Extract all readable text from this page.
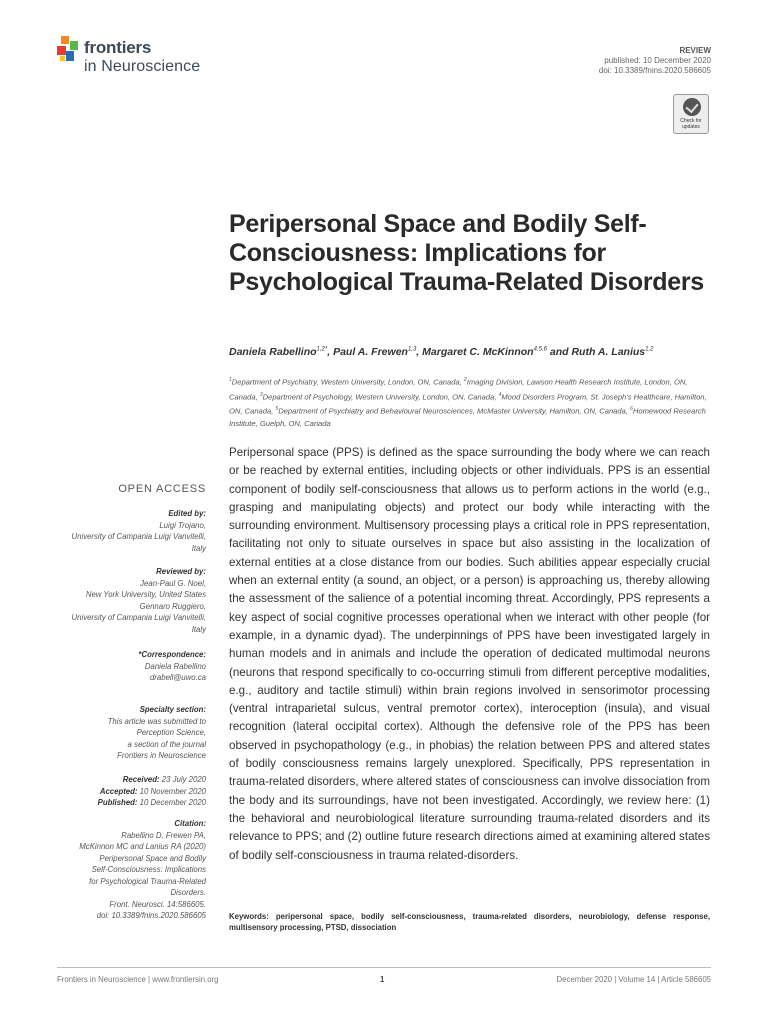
frontiers
in Neuroscience
REVIEW
published: 10 December 2020
doi: 10.3389/fnins.2020.586605
Check for
updates
Peripersonal Space and Bodily Self-Consciousness: Implications for Psychological Trauma-Related Disorders
Daniela Rabellino$^{1,2*}$, Paul A. Frewen$^{1,3}$, Margaret C. McKinnon$^{4,5,6}$ and Ruth A. Lanius$^{1,2}$
$^1$Department of Psychiatry, Western University, London, ON, Canada, $^2$Imaging Division, Lawson Health Research Institute, London, ON, Canada, $^3$Department of Psychology, Western University, London, ON, Canada, $^4$Mood Disorders Program, St. Joseph's Healthcare, Hamilton, ON, Canada, $^5$Department of Psychiatry and Behavioural Neurosciences, McMaster University, Hamilton, ON, Canada, $^6$Homewood Research Institute, Guelph, ON, Canada

Peripersonal space (PPS) is defined as the space surrounding the body where we can reach or be reached by external entities, including objects or other individuals. PPS is an essential component of bodily self-consciousness that allows us to perform actions in the world (e.g., grasping and manipulating objects) and protect our body while interacting with the surrounding environment. Multisensory processing plays a critical role in PPS representation, facilitating not only to situate ourselves in space but also assisting in the localization of external entities at a close distance from our bodies. Such abilities appear especially crucial when an external entity (a sound, an object, or a person) is approaching us, thereby allowing the assessment of the salience of a potential incoming threat. Accordingly, PPS represents a key aspect of social cognitive processes operational when we interact with other people (for example, in a dynamic dyad). The underpinnings of PPS have been investigated largely in human models and in animals and include the operation of dedicated multimodal neurons (neurons that respond specifically to co-occurring stimuli from different perceptive modalities, e.g., auditory and tactile stimuli) within brain regions involved in sensorimotor processing (ventral intraparietal sulcus, ventral premotor cortex), interoception (insula), and visual recognition (lateral occipital cortex). Although the defensive role of the PPS has been observed in psychopathology (e.g., in phobias) the relation between PPS and altered states of bodily consciousness remains largely unexplored. Specifically, PPS representation in trauma-related disorders, where altered states of consciousness can involve dissociation from the body and its surroundings, have not been investigated. Accordingly, we review here: (1) the behavioral and neurobiological literature surrounding trauma-related disorders and its relevance to PPS; and (2) outline future research directions aimed at examining altered states of bodily self-consciousness in trauma related-disorders.

Keywords: peripersonal space, bodily self-consciousness, trauma-related disorders, neurobiology, defense response, multisensory processing, PTSD, dissociation

OPEN ACCESS
Edited by:
Luigi Trojano,
University of Campania Luigi Vanvitelli,
Italy
Reviewed by:
Jean-Paul G. Noel,
New York University, United States
Gennaro Ruggiero,
University of Campania Luigi Vanvitelli,
Italy
*Correspondence:
Daniela Rabellino
drabell@uwo.ca
Specialty section:
This article was submitted to
Perception Science,
a section of the journal
Frontiers in Neuroscience
Received: 23 July 2020
Accepted: 10 November 2020
Published: 10 December 2020
Citation:
Rabellino D, Frewen PA,
McKinnon MC and Lanius RA (2020)
Peripersonal Space and Bodily
Self-Consciousness: Implications
for Psychological Trauma-Related
Disorders.
Front. Neurosci. 14:586605.
doi: 10.3389/fnins.2020.586605
Frontiers in Neuroscience | www.frontiersin.org	1	December 2020 | Volume 14 | Article 586605
